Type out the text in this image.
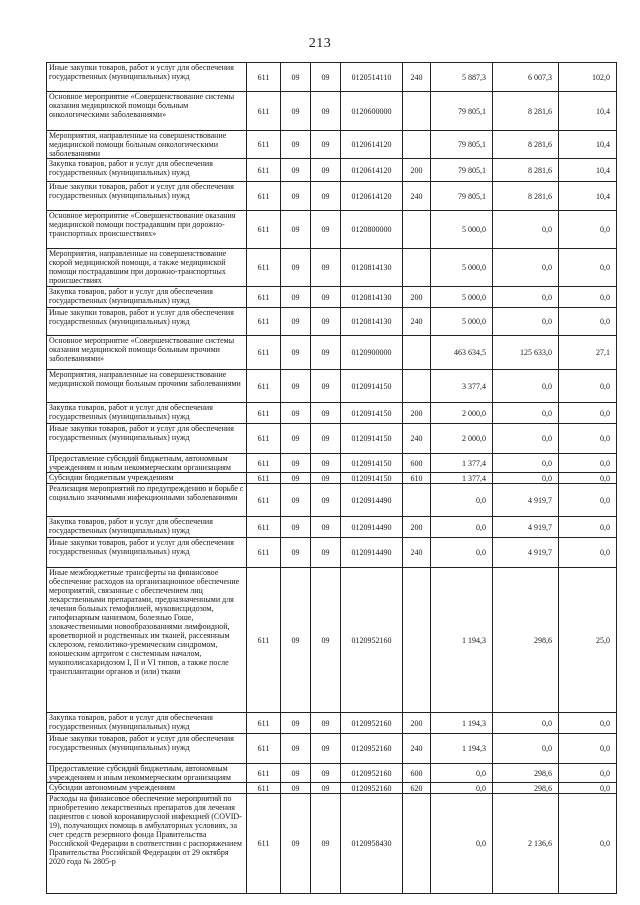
213
Иные закупки товаров, работ и услуг для обеспечения государственных (муниципальных) нужд	611	09	09	0120514110	240	5 887,3	6 007,3	102,0
Основное мероприятие «Совершенствование системы оказания медицинской помощи больным онкологическими заболеваниями»	611	09	09	0120600000		79 805,1	8 281,6	10,4
Мероприятия, направленные на совершенствование медицинской помощи больным онкологическими заболеваниями	611	09	09	0120614120		79 805,1	8 281,6	10,4
Закупка товаров, работ и услуг для обеспечения государственных (муниципальных) нужд	611	09	09	0120614120	200	79 805,1	8 281,6	10,4
Иные закупки товаров, работ и услуг для обеспечения государственных (муниципальных) нужд	611	09	09	0120614120	240	79 805,1	8 281,6	10,4
Основное мероприятие «Совершенствование оказания медицинской помощи пострадавшим при дорожно-транспортных происшествиях»	611	09	09	0120800000		5 000,0	0,0	0,0
Мероприятия, направленные на совершенствование скорой медицинской помощи, а также медицинской помощи пострадавшим при дорожно-транспортных происшествиях	611	09	09	0120814130		5 000,0	0,0	0,0
Закупка товаров, работ и услуг для обеспечения государственных (муниципальных) нужд	611	09	09	0120814130	200	5 000,0	0,0	0,0
Иные закупки товаров, работ и услуг для обеспечения государственных (муниципальных) нужд	611	09	09	0120814130	240	5 000,0	0,0	0,0
Основное мероприятие «Совершенствование системы оказания медицинской помощи больным прочими заболеваниями»	611	09	09	0120900000		463 634,5	125 633,0	27,1
Мероприятия, направленные на совершенствование медицинской помощи больным прочими заболеваниями	611	09	09	0120914150		3 377,4	0,0	0,0
Закупка товаров, работ и услуг для обеспечения государственных (муниципальных) нужд	611	09	09	0120914150	200	2 000,0	0,0	0,0
Иные закупки товаров, работ и услуг для обеспечения государственных (муниципальных) нужд	611	09	09	0120914150	240	2 000,0	0,0	0,0
Предоставление субсидий бюджетным, автономным учреждениям и иным некоммерческим организациям	611	09	09	0120914150	600	1 377,4	0,0	0,0
Субсидии бюджетным учреждениям	611	09	09	0120914150	610	1 377,4	0,0	0,0
Реализация мероприятий по предупреждению и борьбе с социально значимыми инфекционными заболеваниями	611	09	09	0120914490		0,0	4 919,7	0,0
Закупка товаров, работ и услуг для обеспечения государственных (муниципальных) нужд	611	09	09	0120914490	200	0,0	4 919,7	0,0
Иные закупки товаров, работ и услуг для обеспечения государственных (муниципальных) нужд	611	09	09	0120914490	240	0,0	4 919,7	0,0
Иные межбюджетные трансферты на финансовое обеспечение расходов на организационное обеспечение мероприятий, связанные с обеспечением лиц лекарственными препаратами, предназначенными для лечения больных гемофилией, муковисцидозом, гипофизарным нанизмом, болезнью Гоше, злокачественными новообразованиями лимфоидной, кроветворной и родственных им тканей, рассеянным склерозом, гемолитико-уремическим синдромом, юношеским артритом с системным началом, мукополисахаридозом I, II и VI типов, а также после трансплантации органов и (или) ткани	611	09	09	0120952160		1 194,3	298,6	25,0
Закупка товаров, работ и услуг для обеспечения государственных (муниципальных) нужд	611	09	09	0120952160	200	1 194,3	0,0	0,0
Иные закупки товаров, работ и услуг для обеспечения государственных (муниципальных) нужд	611	09	09	0120952160	240	1 194,3	0,0	0,0
Предоставление субсидий бюджетным, автономным учреждениям и иным некоммерческим организациям	611	09	09	0120952160	600	0,0	298,6	0,0
Субсидии автономным учреждениям	611	09	09	0120952160	620	0,0	298,6	0,0
Расходы на финансовое обеспечение мероприятий по приобретению лекарственных препаратов для лечения пациентов с новой коронавирусной инфекцией (COVID-19), получающих помощь в амбулаторных условиях, за счет средств резервного фонда Правительства Российской Федерации в соответствии с распоряжением Правительства Российской Федерации от 29 октября 2020 года № 2805-р	611	09	09	0120958430		0,0	2 136,6	0,0
